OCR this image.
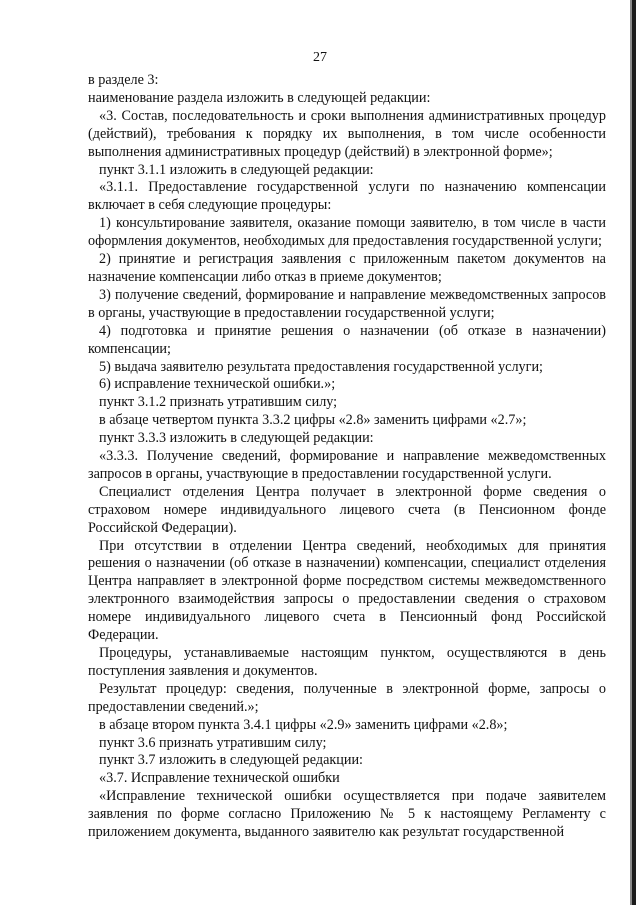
27

в разделе 3:

наименование раздела изложить в следующей редакции:

«3. Состав, последовательность и сроки выполнения административных процедур (действий), требования к порядку их выполнения, в том числе особенности выполнения административных процедур (действий) в электронной форме»;

пункт 3.1.1 изложить в следующей редакции:

«3.1.1. Предоставление государственной услуги по назначению компенсации включает в себя следующие процедуры:

1) консультирование заявителя, оказание помощи заявителю, в том числе в части оформления документов, необходимых для предоставления государственной услуги;

2) принятие и регистрация заявления с приложенным пакетом документов на назначение компенсации либо отказ в приеме документов;

3) получение сведений, формирование и направление межведомственных запросов в органы, участвующие в предоставлении государственной услуги;

4) подготовка и принятие решения о назначении (об отказе в назначении) компенсации;

5) выдача заявителю результата предоставления государственной услуги;

6) исправление технической ошибки.»;

пункт 3.1.2 признать утратившим силу;

в абзаце четвертом пункта 3.3.2 цифры «2.8» заменить цифрами «2.7»;

пункт 3.3.3 изложить в следующей редакции:

«3.3.3. Получение сведений, формирование и направление межведомственных запросов в органы, участвующие в предоставлении государственной услуги.

Специалист отделения Центра получает в электронной форме сведения о страховом номере индивидуального лицевого счета (в Пенсионном фонде Российской Федерации).

При отсутствии в отделении Центра сведений, необходимых для принятия решения о назначении (об отказе в назначении) компенсации, специалист отделения Центра направляет в электронной форме посредством системы межведомственного электронного взаимодействия запросы о предоставлении сведения о страховом номере индивидуального лицевого счета в Пенсионный фонд Российской Федерации.

Процедуры, устанавливаемые настоящим пунктом, осуществляются в день поступления заявления и документов.

Результат процедур: сведения, полученные в электронной форме, запросы о предоставлении сведений.»;

в абзаце втором пункта 3.4.1 цифры «2.9» заменить цифрами «2.8»;

пункт 3.6 признать утратившим силу;

пункт 3.7 изложить в следующей редакции:

«3.7. Исправление технической ошибки

«Исправление технической ошибки осуществляется при подаче заявителем заявления по форме согласно Приложению № 5 к настоящему Регламенту с приложением документа, выданного заявителю как результат государственной
